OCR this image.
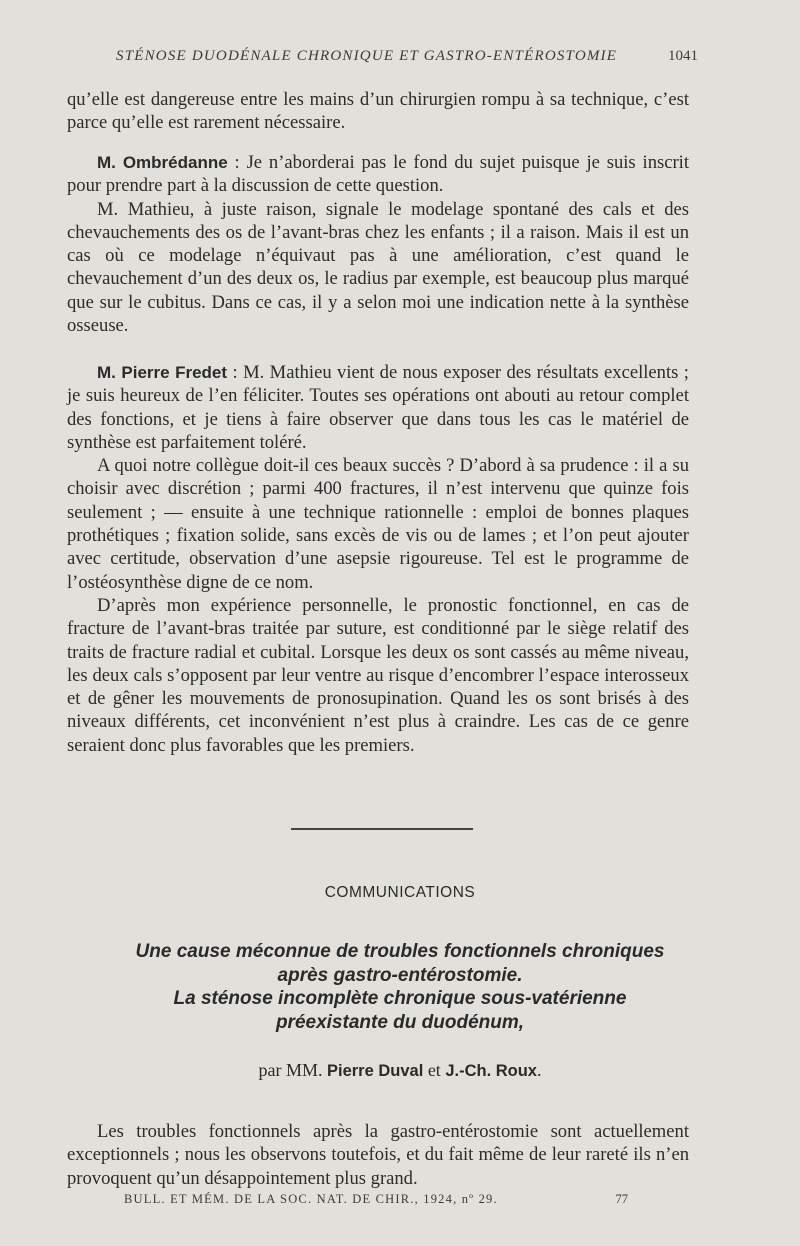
STÉNOSE DUODÉNALE CHRONIQUE ET GASTRO-ENTÉROSTOMIE	1041

qu’elle est dangereuse entre les mains d’un chirurgien rompu à sa technique, c’est parce qu’elle est rarement nécessaire.

M. Ombrédanne : Je n’aborderai pas le fond du sujet puisque je suis inscrit pour prendre part à la discussion de cette question.

M. Mathieu, à juste raison, signale le modelage spontané des cals et des chevauchements des os de l’avant-bras chez les enfants ; il a raison. Mais il est un cas où ce modelage n’équivaut pas à une amélioration, c’est quand le chevauchement d’un des deux os, le radius par exemple, est beaucoup plus marqué que sur le cubitus. Dans ce cas, il y a selon moi une indication nette à la synthèse osseuse.

M. Pierre Fredet : M. Mathieu vient de nous exposer des résultats excellents ; je suis heureux de l’en féliciter. Toutes ses opérations ont abouti au retour complet des fonctions, et je tiens à faire observer que dans tous les cas le matériel de synthèse est parfaitement toléré.

A quoi notre collègue doit-il ces beaux succès ? D’abord à sa prudence : il a su choisir avec discrétion ; parmi 400 fractures, il n’est intervenu que quinze fois seulement ; — ensuite à une technique rationnelle : emploi de bonnes plaques prothétiques ; fixation solide, sans excès de vis ou de lames ; et l’on peut ajouter avec certitude, observation d’une asepsie rigoureuse. Tel est le programme de l’ostéosynthèse digne de ce nom.

D’après mon expérience personnelle, le pronostic fonctionnel, en cas de fracture de l’avant-bras traitée par suture, est conditionné par le siège relatif des traits de fracture radial et cubital. Lorsque les deux os sont cassés au même niveau, les deux cals s’opposent par leur ventre au risque d’encombrer l’espace interosseux et de gêner les mouvements de pronosupination. Quand les os sont brisés à des niveaux différents, cet inconvénient n’est plus à craindre. Les cas de ce genre seraient donc plus favorables que les premiers.

COMMUNICATIONS
Une cause méconnue de troubles fonctionnels chroniques
après gastro-entérostomie.
La sténose incomplète chronique sous-vatérienne
préexistante du duodénum,
par MM. Pierre Duval et J.-Ch. Roux.

Les troubles fonctionnels après la gastro-entérostomie sont actuellement exceptionnels ; nous les observons toutefois, et du fait même de leur rareté ils n’en provoquent qu’un désappointement plus grand.

BULL. ET MÉM. DE LA SOC. NAT. DE CHIR., 1924, nº 29.	77
